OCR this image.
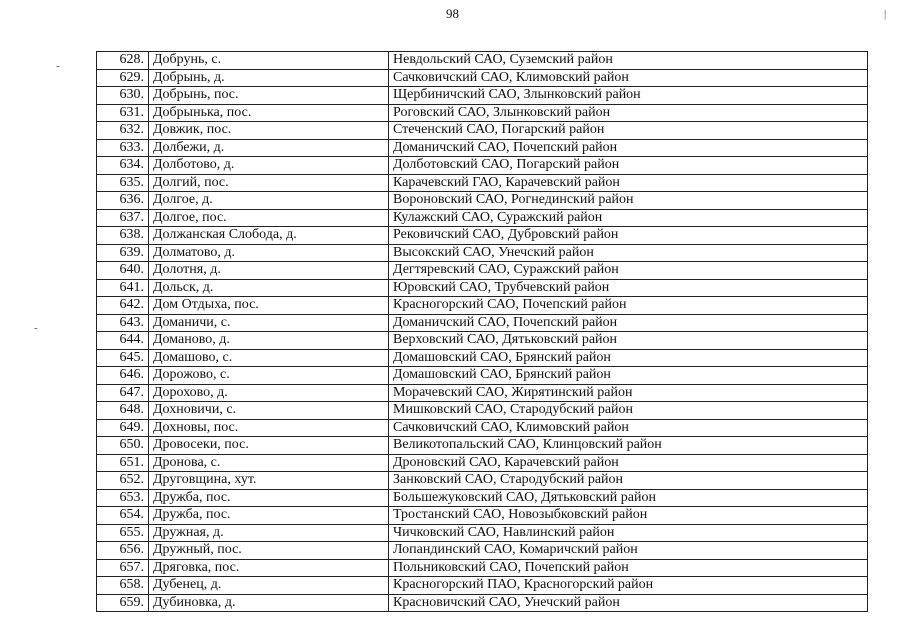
98
-
-
|
628.	Добрунь, с.	Невдольский САО, Суземский район
629.	Добрынь, д.	Сачковичский САО, Климовский район
630.	Добрынь, пос.	Щербиничский САО, Злынковский район
631.	Добрынька, пос.	Роговский САО, Злынковский район
632.	Довжик, пос.	Стеченский САО, Погарский район
633.	Долбежи, д.	Доманичский САО, Почепский район
634.	Долботово, д.	Долботовский САО, Погарский район
635.	Долгий, пос.	Карачевский ГАО, Карачевский район
636.	Долгое, д.	Вороновский САО, Рогнединский район
637.	Долгое, пос.	Кулажский САО, Суражский район
638.	Должанская Слобода, д.	Рековичский САО, Дубровский район
639.	Долматово, д.	Высокский САО, Унечский район
640.	Долотня, д.	Дегтяревский САО, Суражский район
641.	Дольск, д.	Юровский САО, Трубчевский район
642.	Дом Отдыха, пос.	Красногорский САО, Почепский район
643.	Доманичи, с.	Доманичский САО, Почепский район
644.	Доманово, д.	Верховский САО, Дятьковский район
645.	Домашово, с.	Домашовский САО, Брянский район
646.	Дорожово, с.	Домашовский САО, Брянский район
647.	Дорохово, д.	Морачевский САО, Жирятинский район
648.	Дохновичи, с.	Мишковский САО, Стародубский район
649.	Дохновы, пос.	Сачковичский САО, Климовский район
650.	Дровосеки, пос.	Великотопальский САО, Клинцовский район
651.	Дронова, с.	Дроновский САО, Карачевский район
652.	Друговщина, хут.	Занковский САО, Стародубский район
653.	Дружба, пос.	Большежуковский САО, Дятьковский район
654.	Дружба, пос.	Тростанский САО, Новозыбковский район
655.	Дружная, д.	Чичковский САО, Навлинский район
656.	Дружный, пос.	Лопандинский САО, Комаричский район
657.	Дряговка, пос.	Польниковский САО, Почепский район
658.	Дубенец, д.	Красногорский ПАО, Красногорский район
659.	Дубиновка, д.	Красновичский САО, Унечский район
